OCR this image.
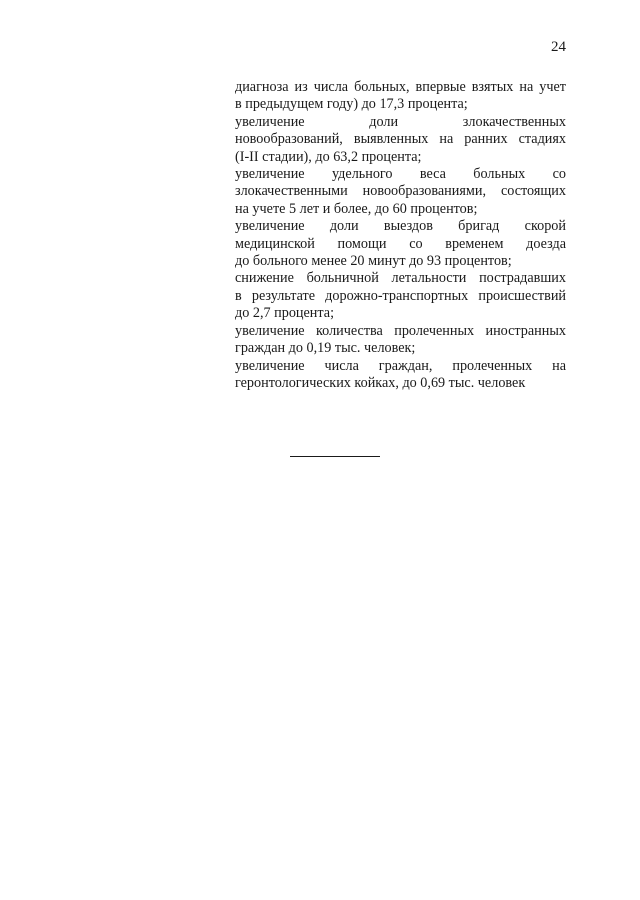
24

диагноза из числа больных, впервые взятых на учет

в предыдущем году) до 17,3 процента;

увеличение доли злокачественных

новообразований, выявленных на ранних стадиях

(I-II стадии), до 63,2 процента;

увеличение удельного веса больных со

злокачественными новообразованиями, состоящих

на учете 5 лет и более, до 60 процентов;

увеличение доли выездов бригад скорой

медицинской помощи со временем доезда

до больного менее 20 минут до 93 процентов;

снижение больничной летальности пострадавших

в результате дорожно-транспортных происшествий

до 2,7 процента;

увеличение количества пролеченных иностранных

граждан до 0,19 тыс. человек;

увеличение числа граждан, пролеченных на

геронтологических койках, до 0,69 тыс. человек
